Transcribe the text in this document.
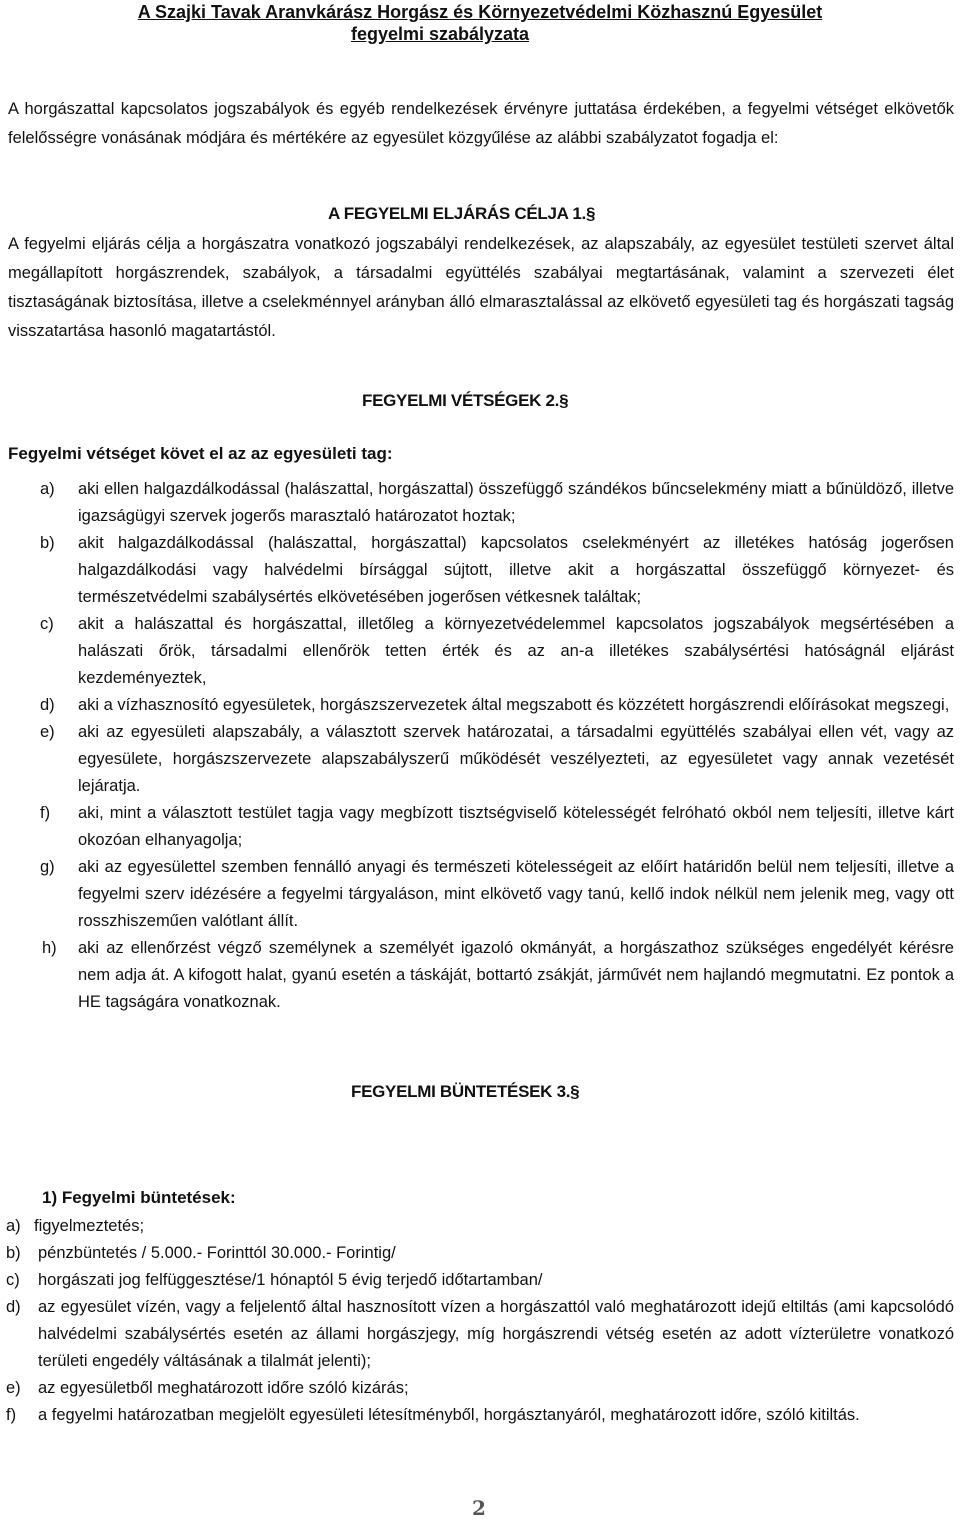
A Szajki Tavak Aranvkárász Horgász és Környezetvédelmi Közhasznú Egyesület
fegyelmi szabályzata
A horgászattal kapcsolatos jogszabályok és egyéb rendelkezések érvényre juttatása érdekében, a fegyelmi vétséget elkövetők felelősségre vonásának módjára és mértékére az egyesület közgyűlése az alábbi szabályzatot fogadja el:
A FEGYELMI ELJÁRÁS CÉLJA 1.§
A fegyelmi eljárás célja a horgászatra vonatkozó jogszabályi rendelkezések, az alapszabály, az egyesület testületi szervet által megállapított horgászrendek, szabályok, a társadalmi együttélés szabályai megtartásának, valamint a szervezeti élet tisztaságának biztosítása, illetve a cselekménnyel arányban álló elmarasztalással az elkövető egyesületi tag és horgászati tagság visszatartása hasonló magatartástól.
FEGYELMI VÉTSÉGEK 2.§
Fegyelmi vétséget követ el az az egyesületi tag:
a) aki ellen halgazdálkodással (halászattal, horgászattal) összefüggő szándékos bűncselekmény miatt a bűnüldöző, illetve igazságügyi szervek jogerős marasztaló határozatot hoztak;
b) akit halgazdálkodással (halászattal, horgászattal) kapcsolatos cselekményért az illetékes hatóság jogerősen halgazdálkodási vagy halvédelmi bírsággal sújtott, illetve akit a horgászattal összefüggő környezet- és természetvédelmi szabálysértés elkövetésében jogerősen vétkesnek találtak;
c) akit a halászattal és horgászattal, illetőleg a környezetvédelemmel kapcsolatos jogszabályok megsértésében a halászati őrök, társadalmi ellenőrök tetten érték és az an-a illetékes szabálysértési hatóságnál eljárást kezdeményeztek,
d) aki a vízhasznosító egyesületek, horgászszervezetek által megszabott és közzétett horgászrendi előírásokat megszegi,
e) aki az egyesületi alapszabály, a választott szervek határozatai, a társadalmi együttélés szabályai ellen vét, vagy az egyesülete, horgászszervezete alapszabályszerű működését veszélyezteti, az egyesületet vagy annak vezetését lejáratja.
f) aki, mint a választott testület tagja vagy megbízott tisztségviselő kötelességét felróható okból nem teljesíti, illetve kárt okozóan elhanyagolja;
g) aki az egyesülettel szemben fennálló anyagi és természeti kötelességeit az előírt határidőn belül nem teljesíti, illetve a fegyelmi szerv idézésére a fegyelmi tárgyaláson, mint elkövető vagy tanú, kellő indok nélkül nem jelenik meg, vagy ott rosszhiszeműen valótlant állít.
h) aki az ellenőrzést végző személynek a személyét igazoló okmányát, a horgászathoz szükséges engedélyét kérésre nem adja át. A kifogott halat, gyanú esetén a táskáját, bottartó zsákját, járművét nem hajlandó megmutatni. Ez pontok a HE tagságára vonatkoznak.
FEGYELMI BÜNTETÉSEK 3.§
1) Fegyelmi büntetések:
a) figyelmeztetés;
b) pénzbüntetés / 5.000.- Forinttól 30.000.- Forintig/
c) horgászati jog felfüggesztése/1 hónaptól 5 évig terjedő időtartamban/
d) az egyesület vízén, vagy a feljelentő által hasznosított vízen a horgászattól való meghatározott idejű eltiltás (ami kapcsolódó halvédelmi szabálysértés esetén az állami horgászjegy, míg horgászrendi vétség esetén az adott vízterületre vonatkozó területi engedély váltásának a tilalmát jelenti);
e) az egyesületből meghatározott időre szóló kizárás;
f) a fegyelmi határozatban megjelölt egyesületi létesítményből, horgásztanyáról, meghatározott időre, szóló kitiltás.
2
